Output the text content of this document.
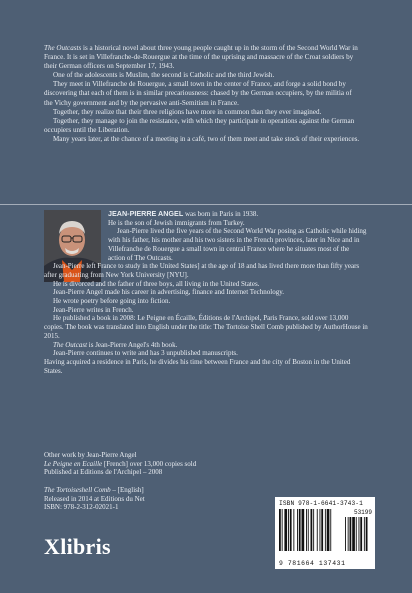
The Outcasts is a historical novel about three young people caught up in the storm of the Second World War in France. It is set in Villefranche-de-Rouergue at the time of the uprising and massacre of the Croat soldiers by their German officers on September 17, 1943.

One of the adolescents is Muslim, the second is Catholic and the third Jewish.

They meet in Villefranche de Rouergue, a small town in the center of France, and forge a solid bond by discovering that each of them is in similar precariousness: chased by the German occupiers, by the militia of the Vichy government and by the pervasive anti-Semitism in France.

Together, they realize that their three religions have more in common than they ever imagined.

Together, they manage to join the resistance, with which they participate in operations against the German occupiers until the Liberation.

Many years later, at the chance of a meeting in a café, two of them meet and take stock of their experiences.

JEAN-PIERRE ANGEL was born in Paris in 1938.

He is the son of Jewish immigrants from Turkey.

Jean-Pierre lived the five years of the Second World War posing as Catholic while hiding with his father, his mother and his two sisters in the French provinces, later in Nice and in Villefranche de Rouergue a small town in central France where he situates most of the action of The Outcasts.

Jean-Pierre left France to study in the United States] at the age of 18 and has lived there more than fifty years after graduating from New York University [NYU].

He is divorced and the father of three boys, all living in the United States.

Jean-Pierre Angel made his career in advertising, finance and Internet Technology.

He wrote poetry before going into fiction.

Jean-Pierre writes in French.

He published a book in 2008: Le Peigne en Écaille, Éditions de l'Archipel, Paris France, sold over 13,000 copies. The book was translated into English under the title: The Tortoise Shell Comb published by AuthorHouse in 2015.

The Outcast is Jean-Pierre Angel's 4th book.

Jean-Pierre continues to write and has 3 unpublished manuscripts.

Having acquired a residence in Paris, he divides his time between France and the city of Boston in the United States.

Other work by Jean-Pierre Angel

Le Peigne en Ecaille [French] over 13,000 copies sold

Published at Editions de l'Archipel – 2008

The Tortoiseshell Comb – [English]

Released in 2014 at Editions du Net

ISBN: 978-2-312-02021-1

Xlibris
ISBN 978-1-6641-3743-1
53199
9 781664 137431
